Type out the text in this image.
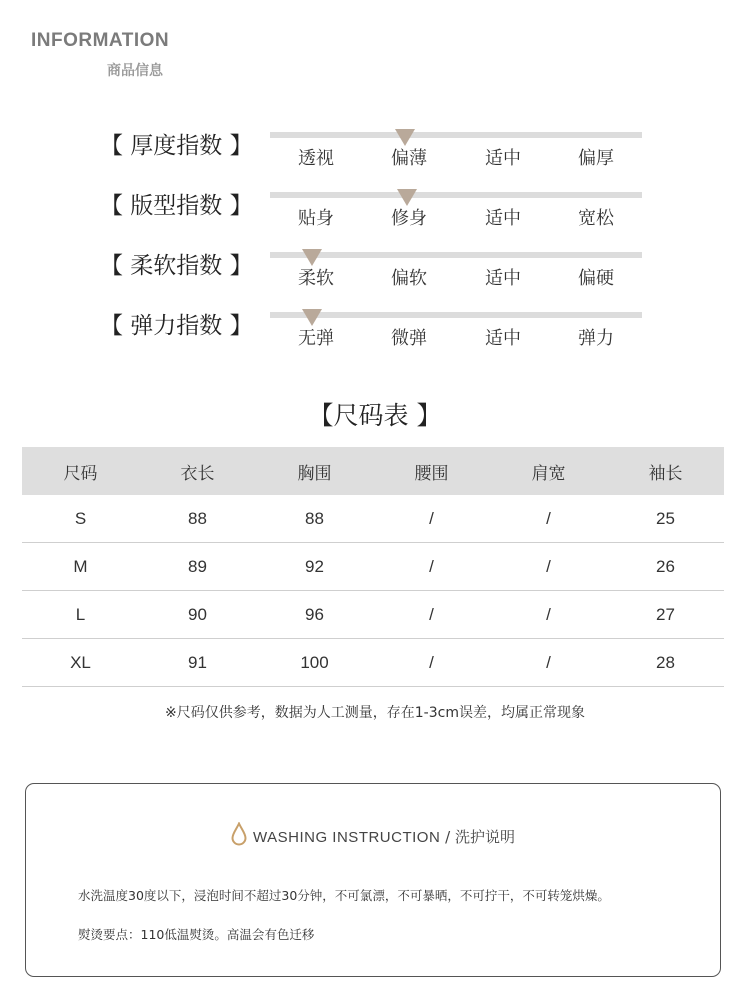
INFORMATION
商品信息
【 厚度指数 】	透视	偏薄	适中	偏厚
【 版型指数 】	贴身	修身	适中	宽松
【 柔软指数 】	柔软	偏软	适中	偏硬
【 弹力指数 】	无弹	微弹	适中	弹力
【尺码表 】
尺码	衣长	胸围	腰围	肩宽	袖长
S	88	88	/	/	25
M	89	92	/	/	26
L	90	96	/	/	27
XL	91	100	/	/	28
※尺码仅供参考，数据为人工测量，存在1-3cm误差，均属正常现象
WASHING INSTRUCTION / 洗护说明
水洗温度30度以下，浸泡时间不超过30分钟，不可氯漂，不可暴晒，不可拧干，不可转笼烘燥。
熨烫要点：110低温熨烫。高温会有色迁移
